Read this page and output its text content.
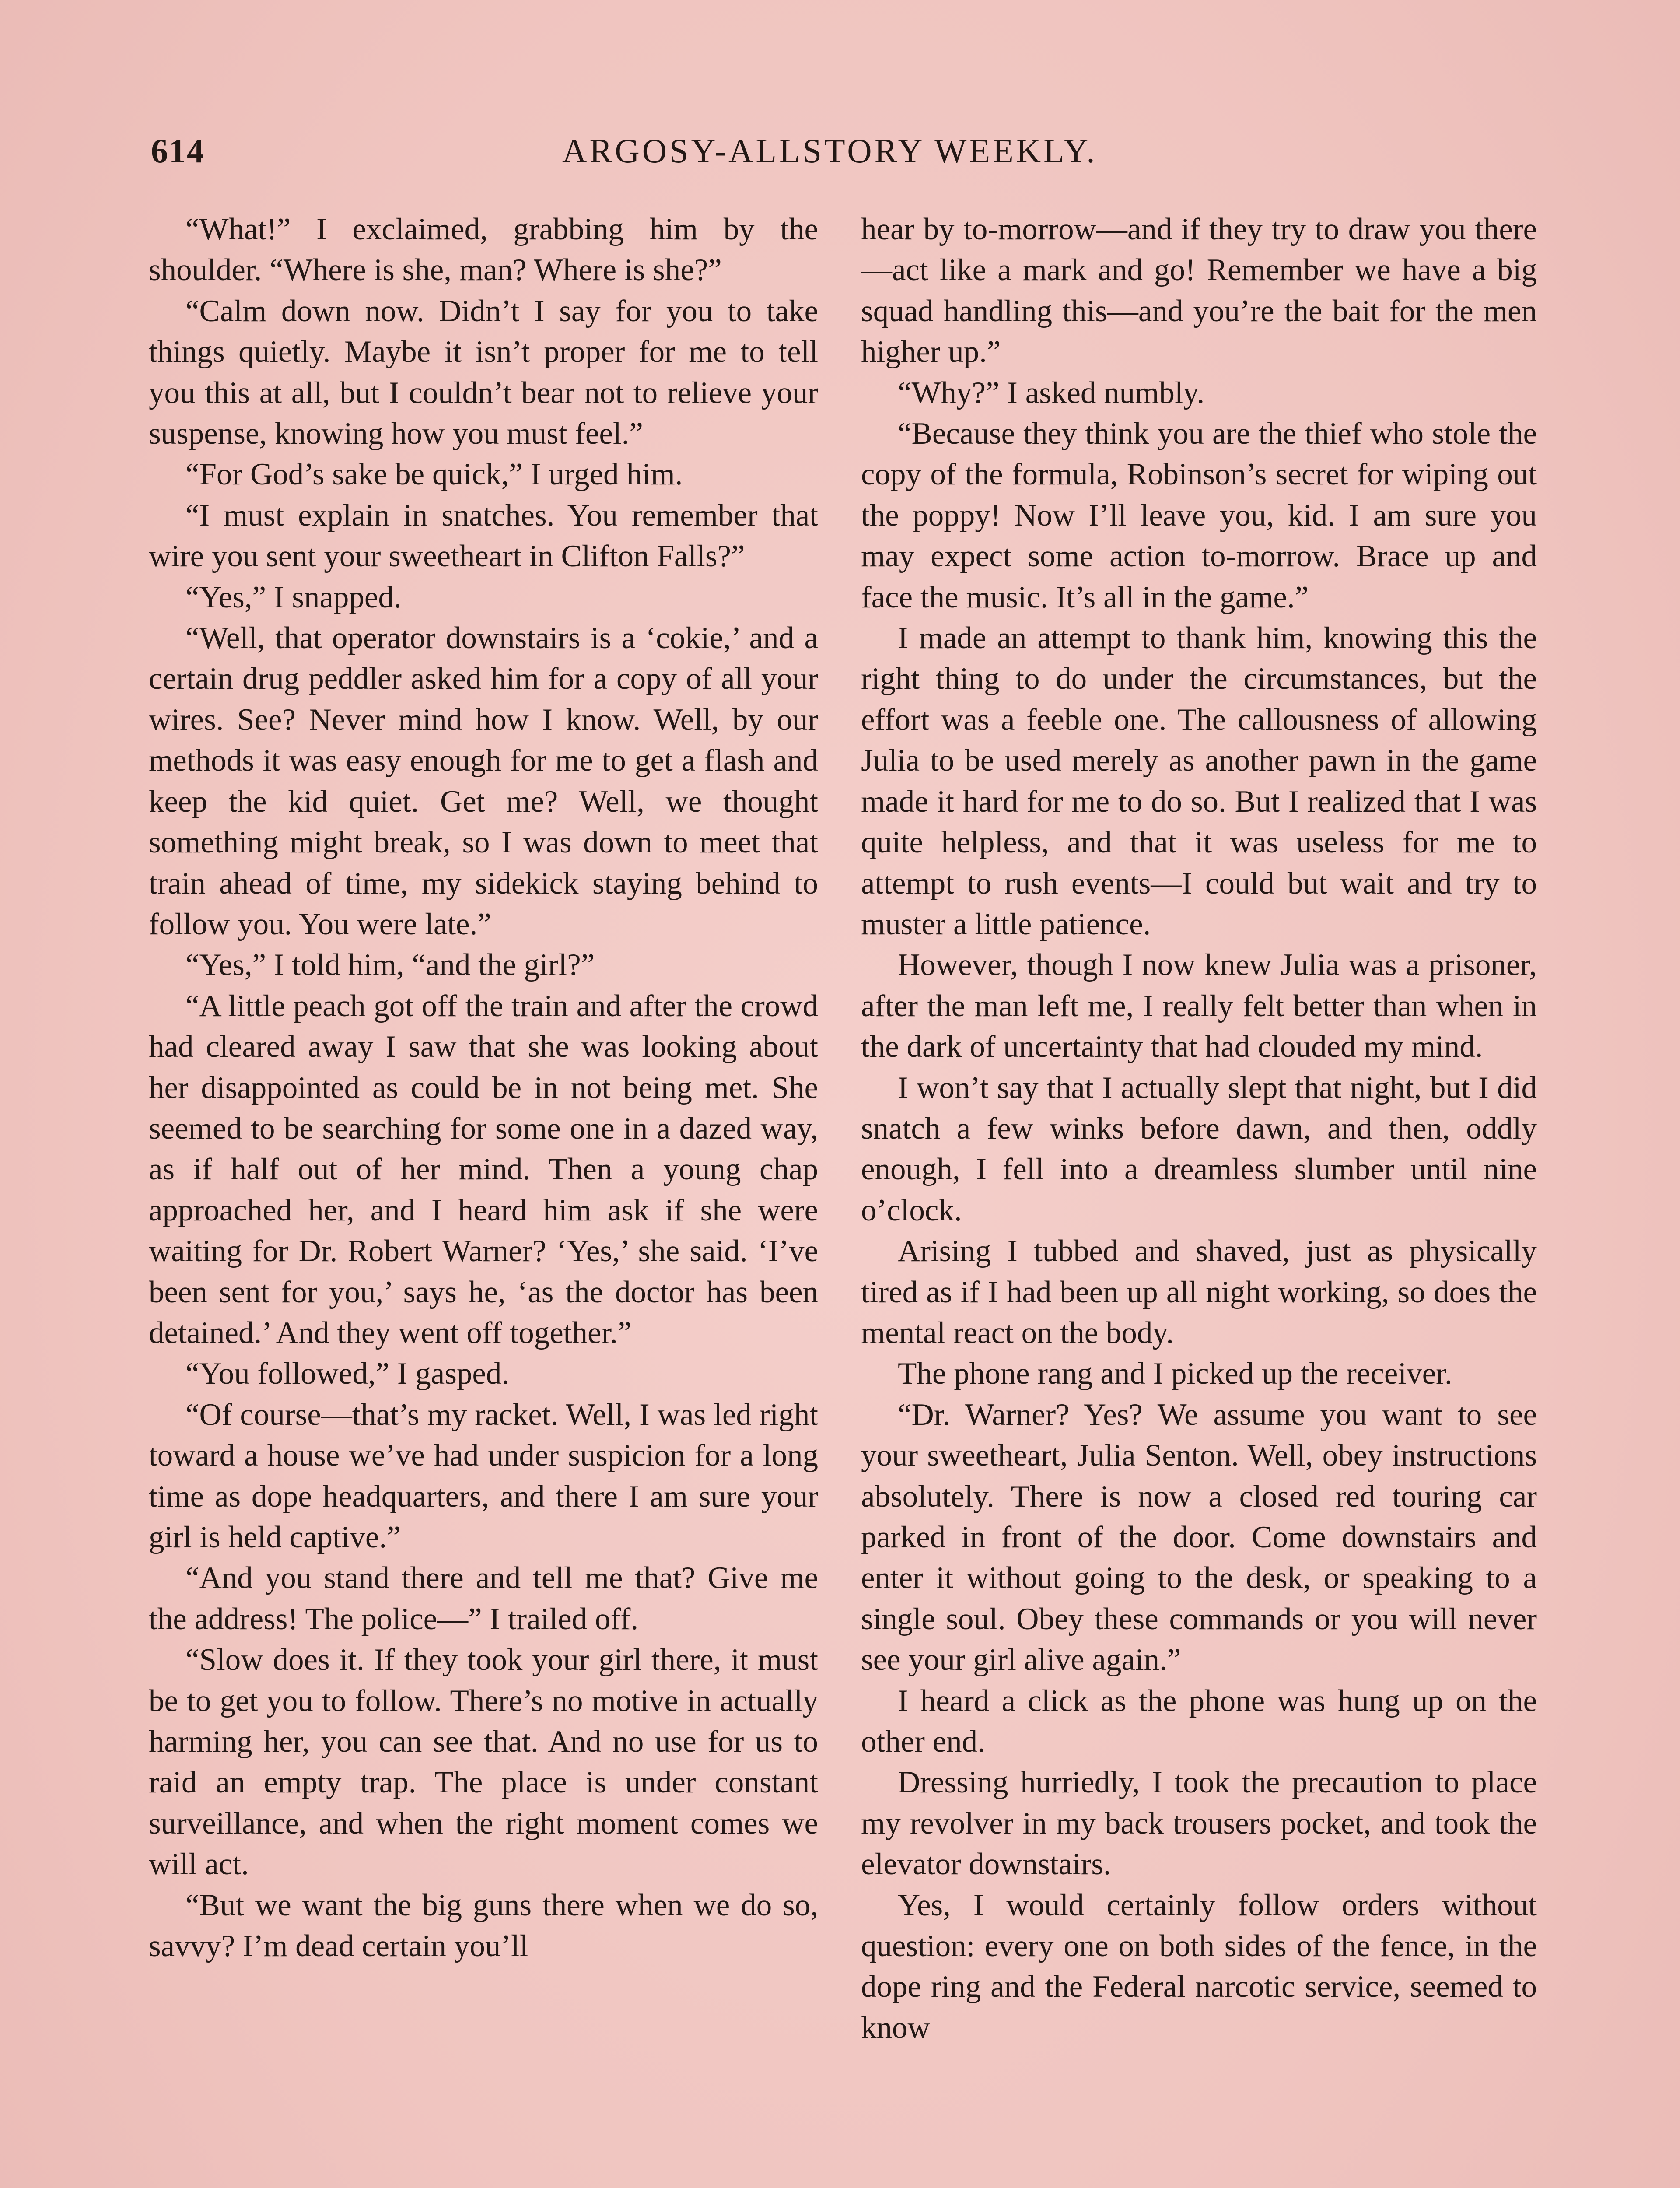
614	ARGOSY-ALLSTORY WEEKLY.

“What!” I exclaimed, grabbing him by the shoulder. “Where is she, man? Where is she?”

“Calm down now. Didn’t I say for you to take things quietly. Maybe it isn’t proper for me to tell you this at all, but I couldn’t bear not to relieve your suspense, knowing how you must feel.”

“For God’s sake be quick,” I urged him.

“I must explain in snatches. You remember that wire you sent your sweetheart in Clifton Falls?”

“Yes,” I snapped.

“Well, that operator downstairs is a ‘cokie,’ and a certain drug peddler asked him for a copy of all your wires. See? Never mind how I know. Well, by our methods it was easy enough for me to get a flash and keep the kid quiet. Get me? Well, we thought something might break, so I was down to meet that train ahead of time, my sidekick staying behind to follow you. You were late.”

“Yes,” I told him, “and the girl?”

“A little peach got off the train and after the crowd had cleared away I saw that she was looking about her disappointed as could be in not being met. She seemed to be searching for some one in a dazed way, as if half out of her mind. Then a young chap approached her, and I heard him ask if she were waiting for Dr. Robert Warner? ‘Yes,’ she said. ‘I’ve been sent for you,’ says he, ‘as the doctor has been detained.’ And they went off together.”

“You followed,” I gasped.

“Of course—that’s my racket. Well, I was led right toward a house we’ve had under suspicion for a long time as dope headquarters, and there I am sure your girl is held captive.”

“And you stand there and tell me that? Give me the address! The police—” I trailed off.

“Slow does it. If they took your girl there, it must be to get you to follow. There’s no motive in actually harming her, you can see that. And no use for us to raid an empty trap. The place is under constant surveillance, and when the right moment comes we will act.

“But we want the big guns there when we do so, savvy? I’m dead certain you’ll

hear by to-morrow—and if they try to draw you there—act like a mark and go! Remember we have a big squad handling this—and you’re the bait for the men higher up.”

“Why?” I asked numbly.

“Because they think you are the thief who stole the copy of the formula, Robinson’s secret for wiping out the poppy! Now I’ll leave you, kid. I am sure you may expect some action to-morrow. Brace up and face the music. It’s all in the game.”

I made an attempt to thank him, knowing this the right thing to do under the circumstances, but the effort was a feeble one. The callousness of allowing Julia to be used merely as another pawn in the game made it hard for me to do so. But I realized that I was quite helpless, and that it was useless for me to attempt to rush events—I could but wait and try to muster a little patience.

However, though I now knew Julia was a prisoner, after the man left me, I really felt better than when in the dark of uncertainty that had clouded my mind.

I won’t say that I actually slept that night, but I did snatch a few winks before dawn, and then, oddly enough, I fell into a dreamless slumber until nine o’clock.

Arising I tubbed and shaved, just as physically tired as if I had been up all night working, so does the mental react on the body.

The phone rang and I picked up the receiver.

“Dr. Warner? Yes? We assume you want to see your sweetheart, Julia Senton. Well, obey instructions absolutely. There is now a closed red touring car parked in front of the door. Come downstairs and enter it without going to the desk, or speaking to a single soul. Obey these commands or you will never see your girl alive again.”

I heard a click as the phone was hung up on the other end.

Dressing hurriedly, I took the precaution to place my revolver in my back trousers pocket, and took the elevator downstairs.

Yes, I would certainly follow orders without question: every one on both sides of the fence, in the dope ring and the Federal narcotic service, seemed to know
